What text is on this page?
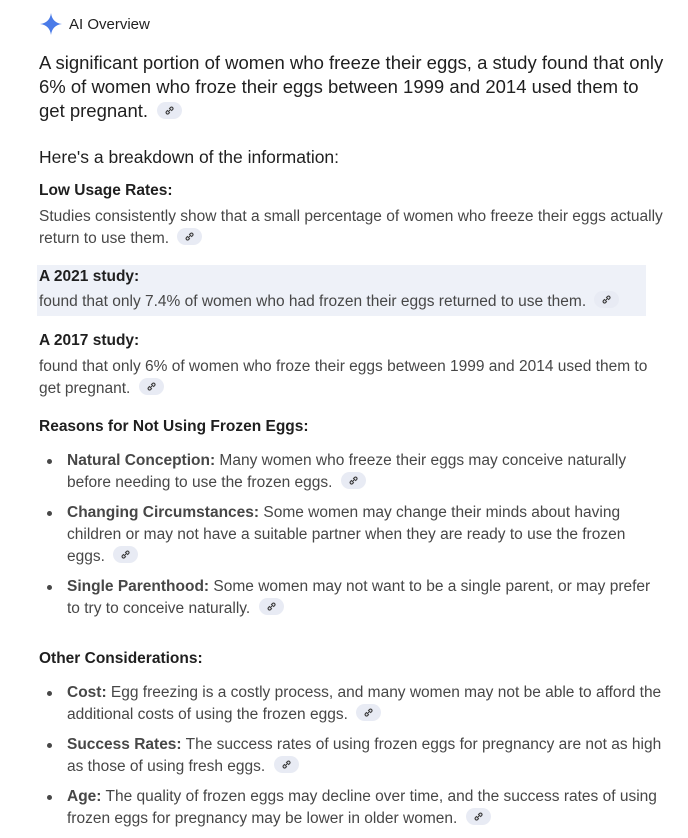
AI Overview

A significant portion of women who freeze their eggs, a study found that only 6% of women who froze their eggs between 1999 and 2014 used them to get pregnant.

Here's a breakdown of the information:
Low Usage Rates:

Studies consistently show that a small percentage of women who freeze their eggs actually return to use them.

A 2021 study:

found that only 7.4% of women who had frozen their eggs returned to use them.

A 2017 study:

found that only 6% of women who froze their eggs between 1999 and 2014 used them to get pregnant.

Reasons for Not Using Frozen Eggs:
Natural Conception: Many women who freeze their eggs may conceive naturally before needing to use the frozen eggs.
Changing Circumstances: Some women may change their minds about having children or may not have a suitable partner when they are ready to use the frozen eggs.
Single Parenthood: Some women may not want to be a single parent, or may prefer to try to conceive naturally.
Other Considerations:
Cost: Egg freezing is a costly process, and many women may not be able to afford the additional costs of using the frozen eggs.
Success Rates: The success rates of using frozen eggs for pregnancy are not as high as those of using fresh eggs.
Age: The quality of frozen eggs may decline over time, and the success rates of using frozen eggs for pregnancy may be lower in older women.
